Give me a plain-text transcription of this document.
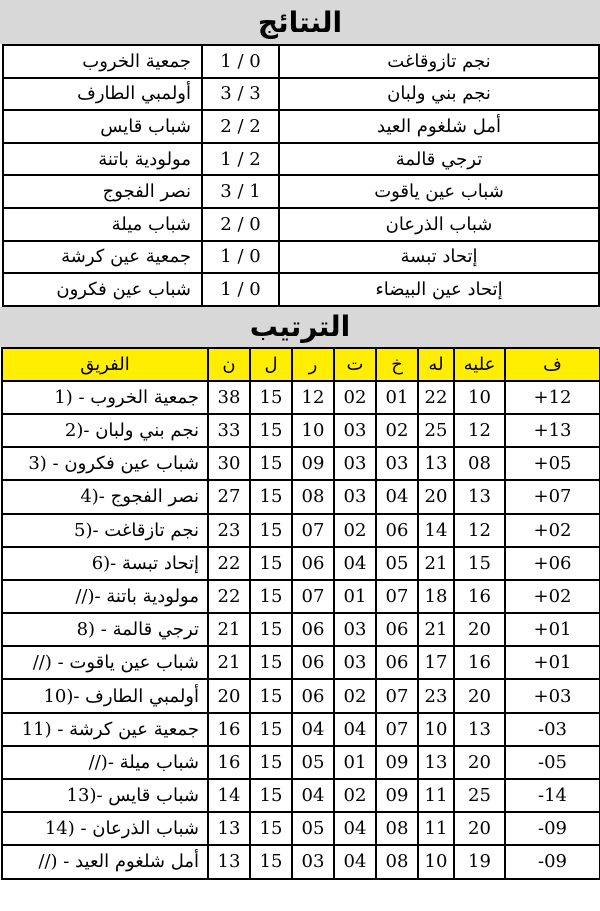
النتائج
جمعية الخروب	1 / 0	نجم تازوقاغت
أولمبي الطارف	3 / 3	نجم بني ولبان
شباب قايس	2 / 2	أمل شلغوم العيد
مولودية باتنة	1 / 2	ترجي قالمة
نصر الفجوج	3 / 1	شباب عين ياقوت
شباب ميلة	2 / 0	شباب الذرعان
جمعية عين كرشة	1 / 0	إتحاد تبسة
شباب عين فكرون	1 / 0	إتحاد عين البيضاء
الترتيب
الفريق	ن	ل	ر	ت	خ	له	عليه	ف
1) - جمعية الخروب	38	15	12	02	01	22	10	+12
2)- نجم بني ولبان	33	15	10	03	02	25	12	+13
3) - شباب عين فكرون	30	15	09	03	03	13	08	+05
4)- نصر الفجوج	27	15	08	03	04	20	13	+07
5)- نجم تازقاغت	23	15	07	02	06	14	12	+02
6)- إتحاد تبسة	22	15	06	04	05	21	15	+06
//)- مولودية باتنة	22	15	07	01	07	18	16	+02
8) - ترجي قالمة	21	15	06	03	06	21	20	+01
//) - شباب عين ياقوت	21	15	06	03	06	17	16	+01
10)- أولمبي الطارف	20	15	06	02	07	23	20	+03
11) - جمعية عين كرشة	16	15	04	04	07	10	13	-03
//)- شباب ميلة	16	15	05	01	09	13	20	-05
13)- شباب قايس	14	15	04	02	09	11	25	-14
14) - شباب الذرعان	13	15	05	04	08	11	20	-09
//) - أمل شلغوم العيد	13	15	03	04	08	10	19	-09
